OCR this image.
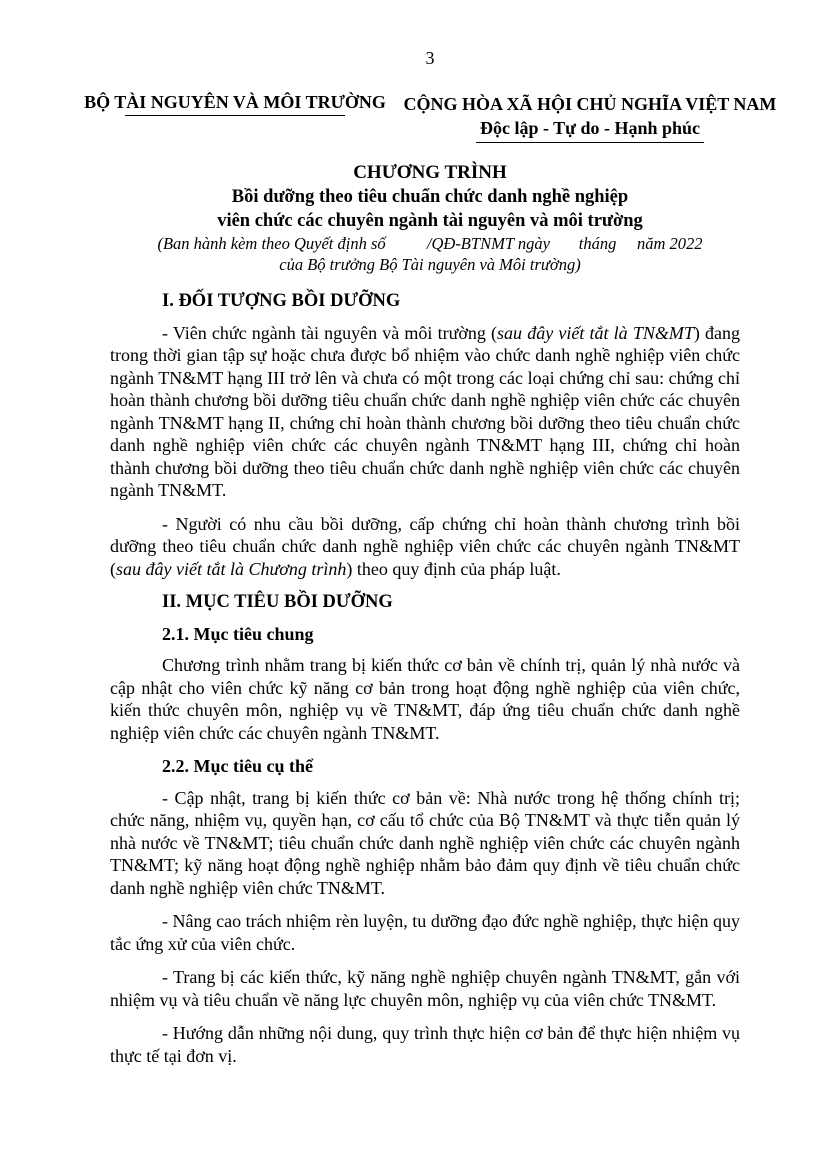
3
BỘ TÀI NGUYÊN VÀ MÔI TRƯỜNG CỘNG HÒA XÃ HỘI CHỦ NGHĨA VIỆT NAM
Độc lập - Tự do - Hạnh phúc
CHƯƠNG TRÌNH
Bồi dưỡng theo tiêu chuẩn chức danh nghề nghiệp
viên chức các chuyên ngành tài nguyên và môi trường
(Ban hành kèm theo Quyết định số          /QĐ-BTNMT ngày       tháng     năm 2022
của Bộ trưởng Bộ Tài nguyên và Môi trường)
I. ĐỐI TƯỢNG BỒI DƯỠNG

- Viên chức ngành tài nguyên và môi trường (sau đây viết tắt là TN&MT) đang trong thời gian tập sự hoặc chưa được bổ nhiệm vào chức danh nghề nghiệp viên chức ngành TN&MT hạng III trở lên và chưa có một trong các loại chứng chỉ sau: chứng chỉ hoàn thành chương bồi dưỡng tiêu chuẩn chức danh nghề nghiệp viên chức các chuyên ngành TN&MT hạng II, chứng chỉ hoàn thành chương bồi dưỡng theo tiêu chuẩn chức danh nghề nghiệp viên chức các chuyên ngành TN&MT hạng III, chứng chỉ hoàn thành chương bồi dưỡng theo tiêu chuẩn chức danh nghề nghiệp viên chức các chuyên ngành TN&MT.

- Người có nhu cầu bồi dưỡng, cấp chứng chỉ hoàn thành chương trình bồi dưỡng theo tiêu chuẩn chức danh nghề nghiệp viên chức các chuyên ngành TN&MT (sau đây viết tắt là Chương trình) theo quy định của pháp luật.

II. MỤC TIÊU BỒI DƯỠNG
2.1. Mục tiêu chung

Chương trình nhằm trang bị kiến thức cơ bản về chính trị, quản lý nhà nước và cập nhật cho viên chức kỹ năng cơ bản trong hoạt động nghề nghiệp của viên chức, kiến thức chuyên môn, nghiệp vụ về TN&MT, đáp ứng tiêu chuẩn chức danh nghề nghiệp viên chức các chuyên ngành TN&MT.

2.2. Mục tiêu cụ thể

- Cập nhật, trang bị kiến thức cơ bản về: Nhà nước trong hệ thống chính trị; chức năng, nhiệm vụ, quyền hạn, cơ cấu tổ chức của Bộ TN&MT và thực tiễn quản lý nhà nước về TN&MT; tiêu chuẩn chức danh nghề nghiệp viên chức các chuyên ngành TN&MT; kỹ năng hoạt động nghề nghiệp nhằm bảo đảm quy định về tiêu chuẩn chức danh nghề nghiệp viên chức TN&MT.

- Nâng cao trách nhiệm rèn luyện, tu dưỡng đạo đức nghề nghiệp, thực hiện quy tắc ứng xử của viên chức.

- Trang bị các kiến thức, kỹ năng nghề nghiệp chuyên ngành TN&MT, gắn với nhiệm vụ và tiêu chuẩn về năng lực chuyên môn, nghiệp vụ của viên chức TN&MT.

- Hướng dẫn những nội dung, quy trình thực hiện cơ bản để thực hiện nhiệm vụ thực tế tại đơn vị.
